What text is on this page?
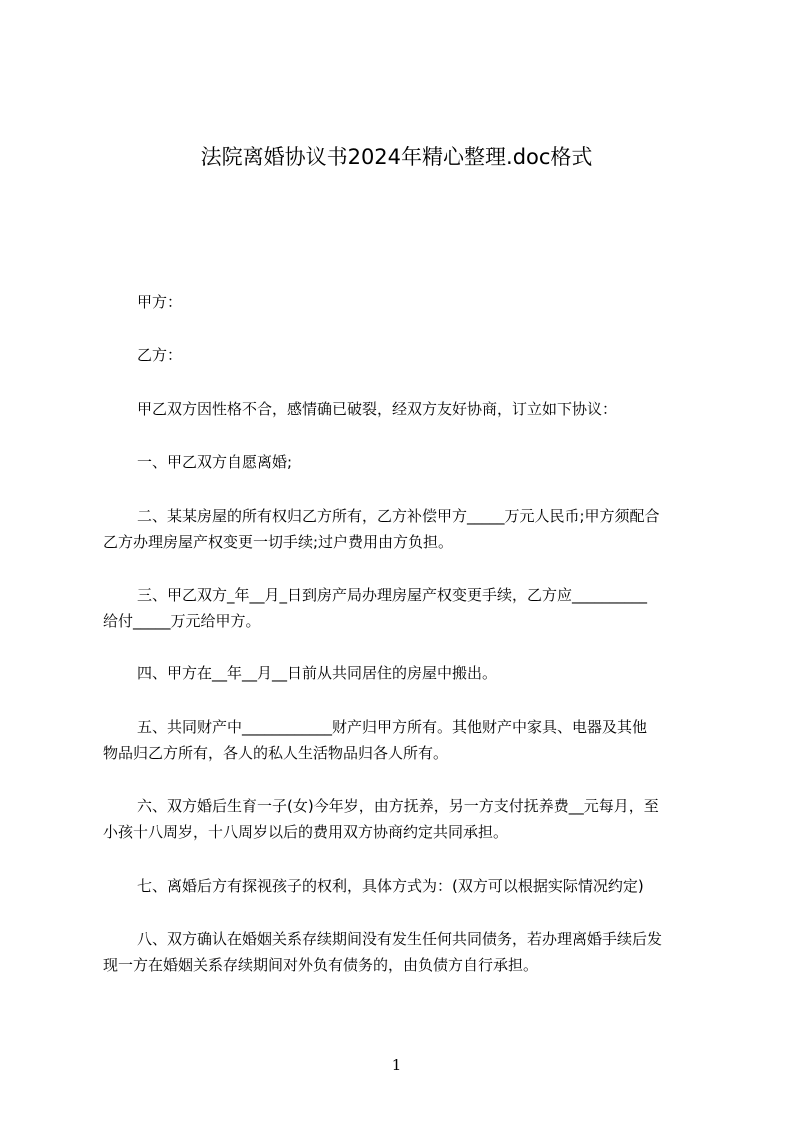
法院离婚协议书2024年精心整理.doc格式
甲方：
乙方：
甲乙双方因性格不合，感情确已破裂，经双方友好协商，订立如下协议：
一、甲乙双方自愿离婚;
二、某某房屋的所有权归乙方所有，乙方补偿甲方_____万元人民币;甲方须配合
乙方办理房屋产权变更一切手续;过户费用由方负担。
三、甲乙双方_年__月_日到房产局办理房屋产权变更手续，乙方应__________
给付_____万元给甲方。
四、甲方在__年__月__日前从共同居住的房屋中搬出。
五、共同财产中____________财产归甲方所有。其他财产中家具、电器及其他
物品归乙方所有，各人的私人生活物品归各人所有。
六、双方婚后生育一子(女)今年岁，由方抚养，另一方支付抚养费__元每月，至
小孩十八周岁，十八周岁以后的费用双方协商约定共同承担。
七、离婚后方有探视孩子的权利，具体方式为：(双方可以根据实际情况约定)
八、双方确认在婚姻关系存续期间没有发生任何共同债务，若办理离婚手续后发
现一方在婚姻关系存续期间对外负有债务的，由负债方自行承担。
1
